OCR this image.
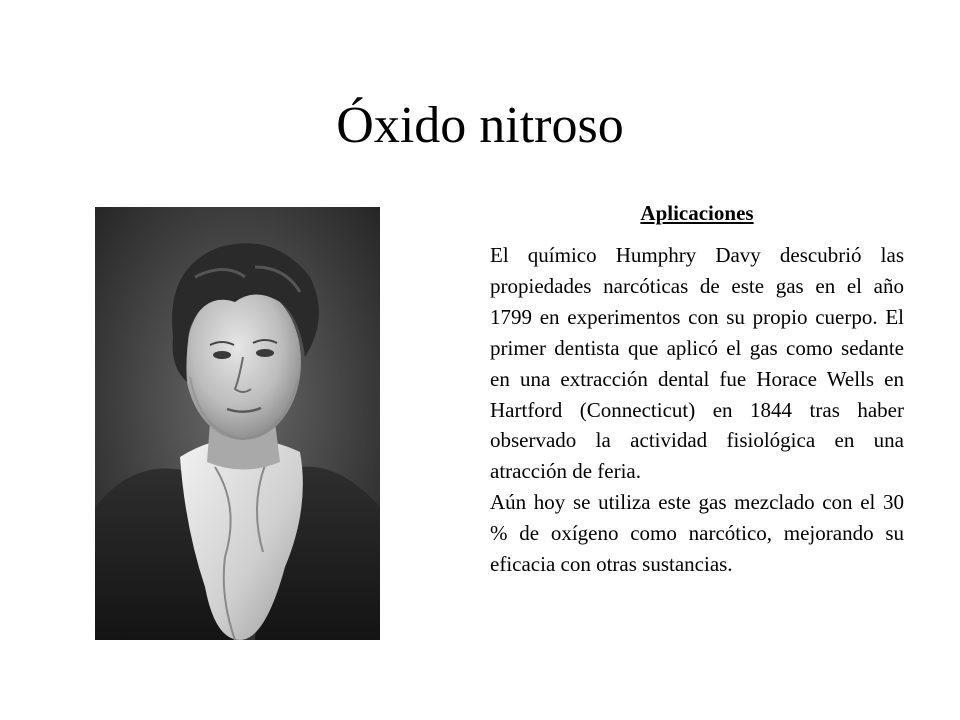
Óxido nitroso

Aplicaciones

El químico Humphry Davy descubrió las propiedades narcóticas de este gas en el año 1799 en experimentos con su propio cuerpo. El primer dentista que aplicó el gas como sedante en una extracción dental fue Horace Wells en Hartford (Connecticut) en 1844 tras haber observado la actividad fisiológica en una atracción de feria.

Aún hoy se utiliza este gas mezclado con el 30 % de oxígeno como narcótico, mejorando su eficacia con otras sustancias.
